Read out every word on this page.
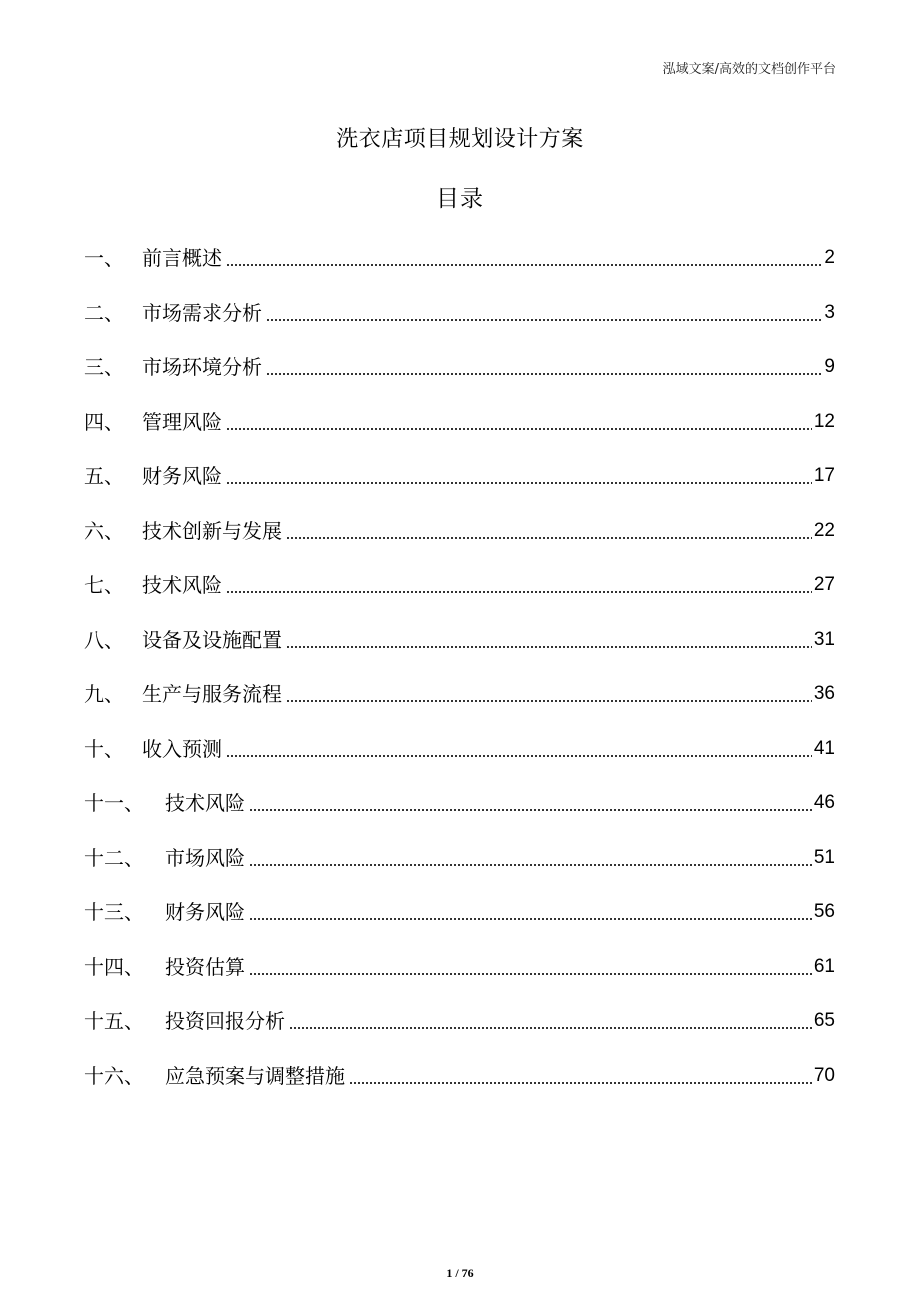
泓域文案/高效的文档创作平台
洗衣店项目规划设计方案
目录
一、 前言概述	2
二、 市场需求分析	3
三、 市场环境分析	9
四、 管理风险	12
五、 财务风险	17
六、 技术创新与发展	22
七、 技术风险	27
八、 设备及设施配置	31
九、 生产与服务流程	36
十、 收入预测	41
十一、	技术风险	46
十二、	市场风险	51
十三、	财务风险	56
十四、	投资估算	61
十五、	投资回报分析	65
十六、	应急预案与调整措施	70
1 / 76
